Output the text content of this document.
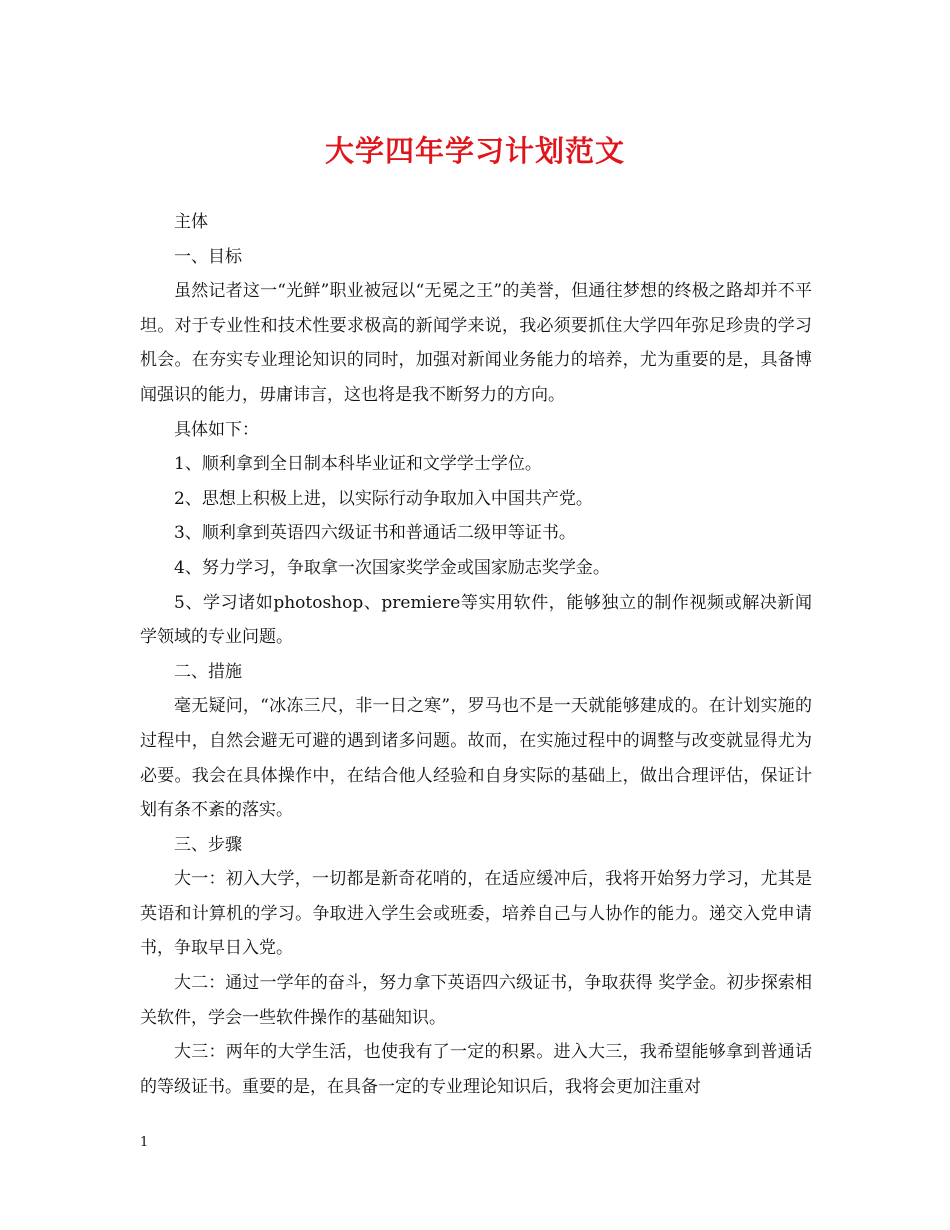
大学四年学习计划范文

主体

一、目标

虽然记者这一“光鲜”职业被冠以“无冕之王”的美誉，但通往梦想的终极之路却并不平坦。对于专业性和技术性要求极高的新闻学来说，我必须要抓住大学四年弥足珍贵的学习机会。在夯实专业理论知识的同时，加强对新闻业务能力的培养，尤为重要的是，具备博闻强识的能力，毋庸讳言，这也将是我不断努力的方向。

具体如下：

1、顺利拿到全日制本科毕业证和文学学士学位。

2、思想上积极上进，以实际行动争取加入中国共产党。

3、顺利拿到英语四六级证书和普通话二级甲等证书。

4、努力学习，争取拿一次国家奖学金或国家励志奖学金。

5、学习诸如photoshop、premiere等实用软件，能够独立的制作视频或解决新闻学领域的专业问题。

二、措施

毫无疑问，“冰冻三尺，非一日之寒”，罗马也不是一天就能够建成的。在计划实施的过程中，自然会避无可避的遇到诸多问题。故而，在实施过程中的调整与改变就显得尤为必要。我会在具体操作中，在结合他人经验和自身实际的基础上，做出合理评估，保证计划有条不紊的落实。

三、步骤

大一：初入大学，一切都是新奇花哨的，在适应缓冲后，我将开始努力学习，尤其是英语和计算机的学习。争取进入学生会或班委，培养自己与人协作的能力。递交入党申请书，争取早日入党。

大二：通过一学年的奋斗，努力拿下英语四六级证书，争取获得 奖学金。初步探索相关软件，学会一些软件操作的基础知识。

大三：两年的大学生活，也使我有了一定的积累。进入大三，我希望能够拿到普通话的等级证书。重要的是，在具备一定的专业理论知识后，我将会更加注重对

1
